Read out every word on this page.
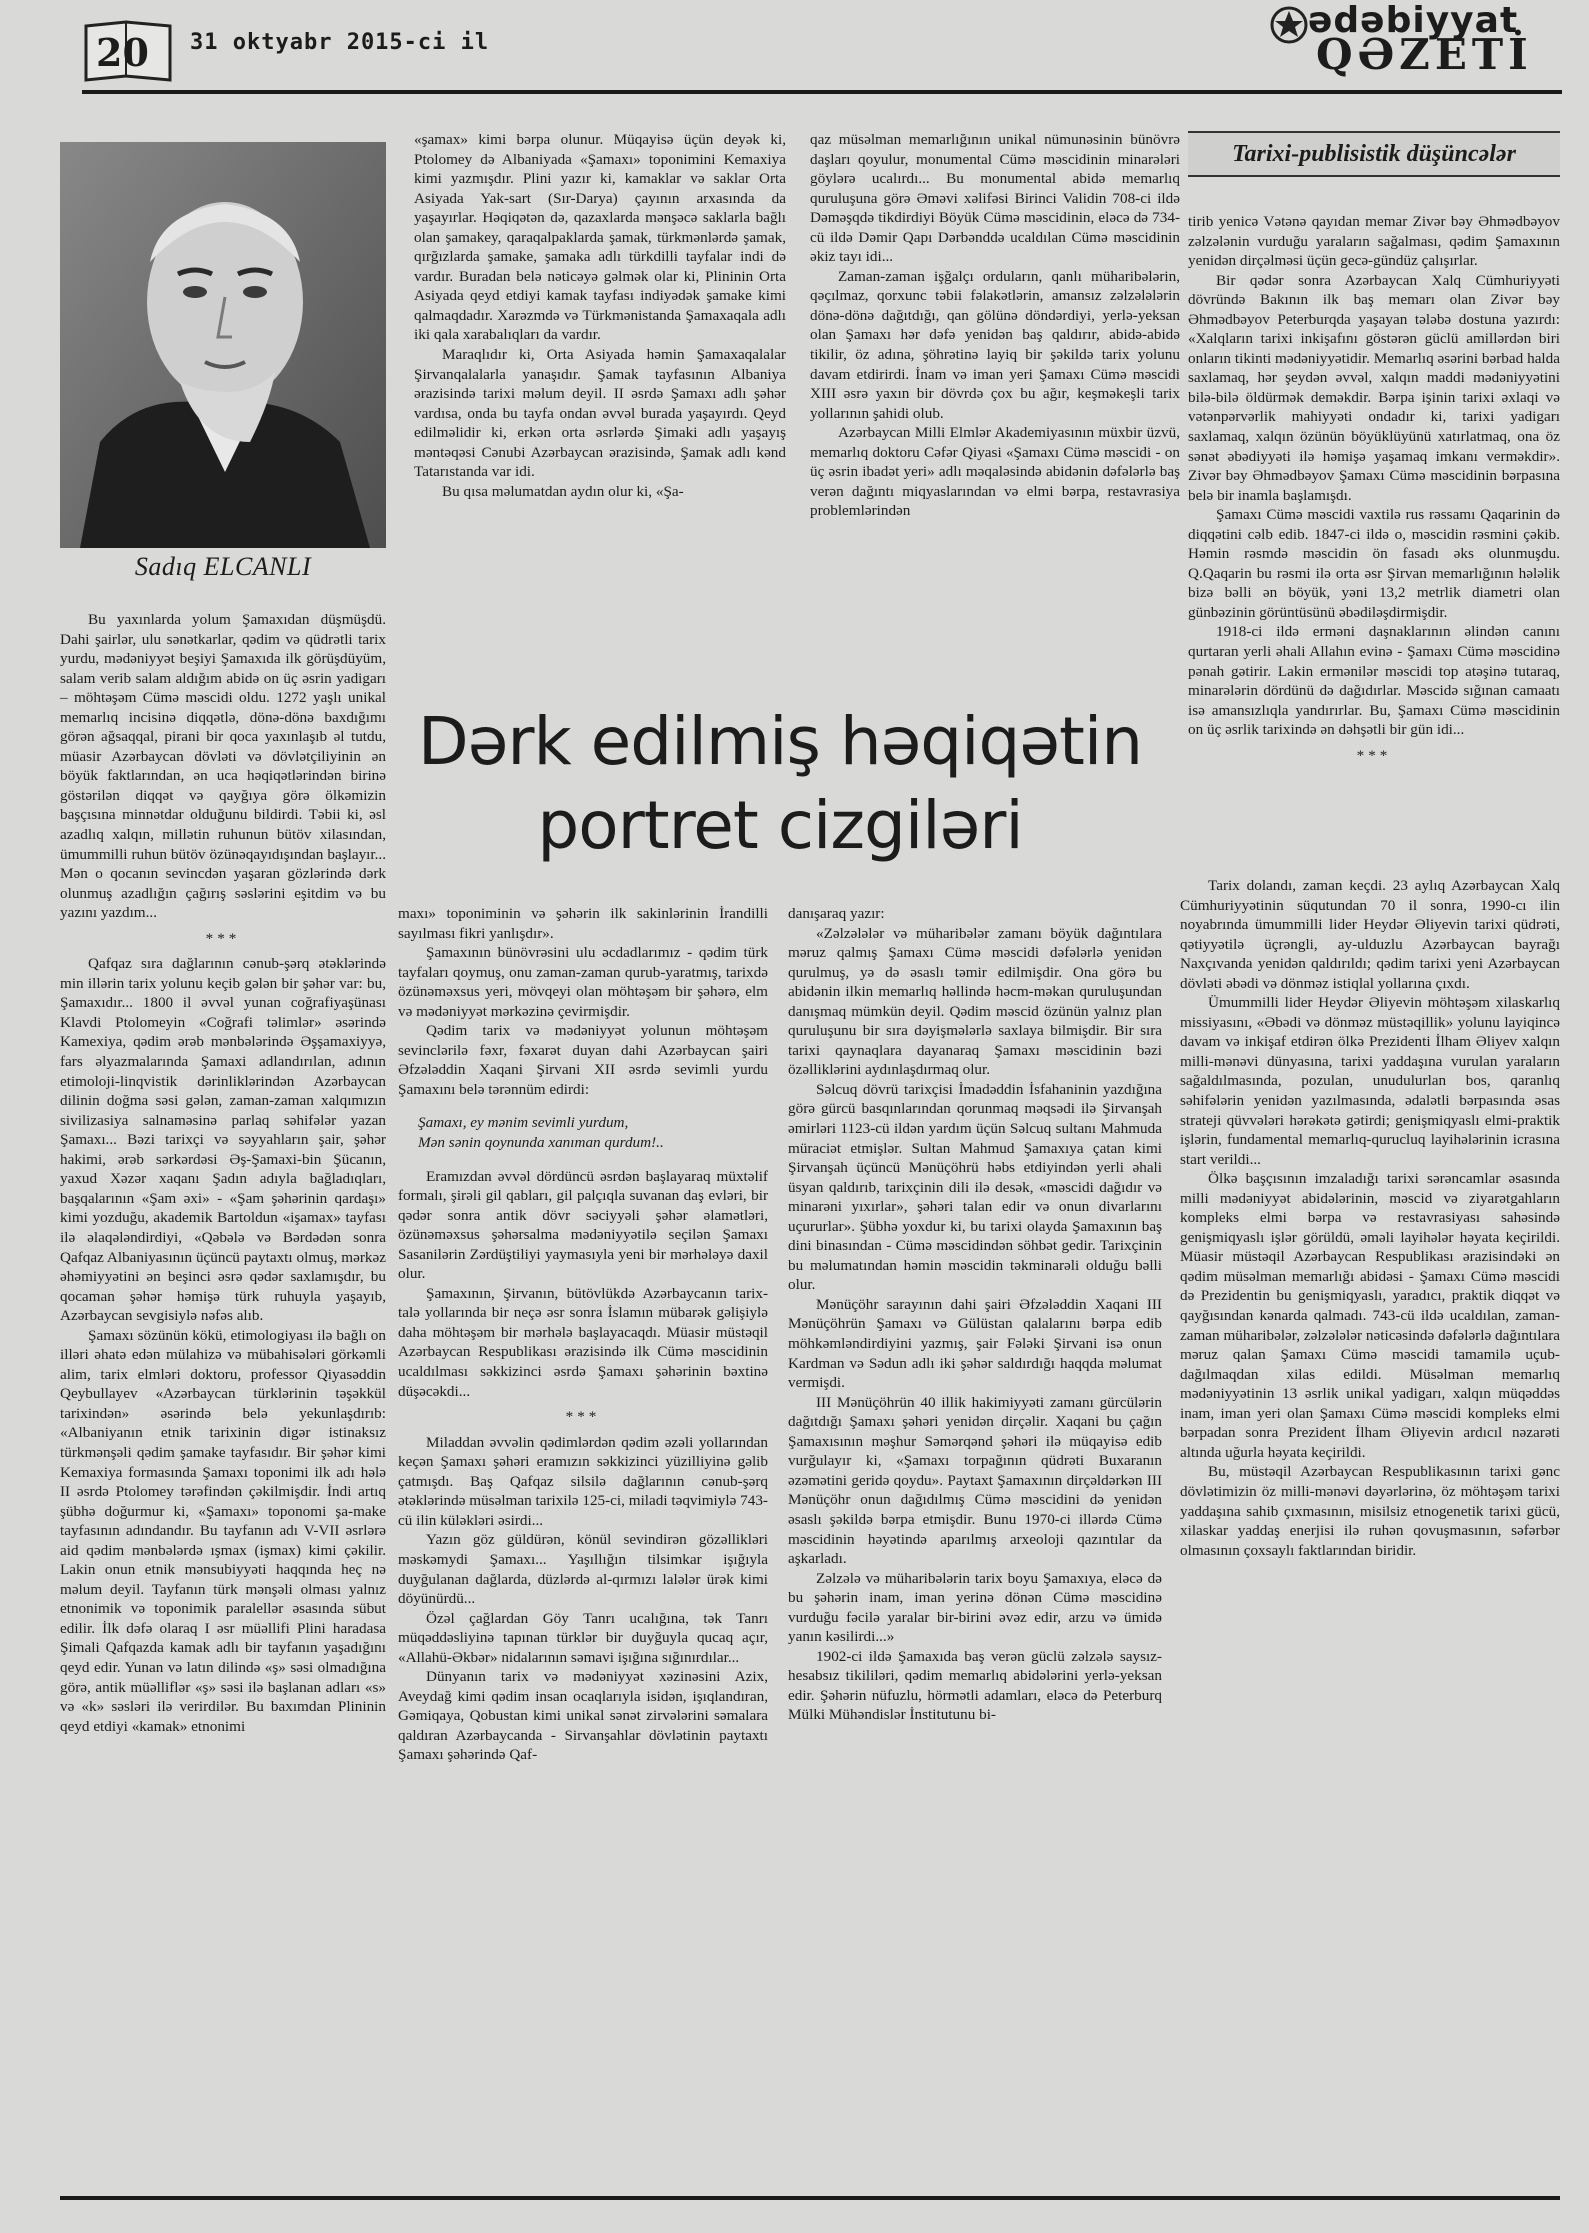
20 31 oktyabr 2015-ci il
ədəbiyyat
QƏZETİ
Tarixi-publisistik düşüncələr
Sadıq ELCANLI

Bu yaxınlarda yolum Şamaxıdan düşmüşdü. Dahi şairlər, ulu sənətkarlar, qədim və qüdrətli tarix yurdu, mədəniyyət beşiyi Şamaxıda ilk görüşdüyüm, salam verib salam aldığım abidə on üç əsrin yadigarı – möhtəşəm Cümə məscidi oldu. 1272 yaşlı unikal memarlıq incisinə diqqətlə, dönə-dönə baxdığımı görən ağsaqqal, pirani bir qoca yaxınlaşıb əl tutdu, müasir Azərbaycan dövləti və dövlətçiliyinin ən böyük faktlarından, ən uca həqiqətlərindən birinə göstərilən diqqət və qayğıya görə ölkəmizin başçısına minnətdar olduğunu bildirdi. Təbii ki, əsl azadlıq xalqın, millətin ruhunun bütöv xilasından, ümummilli ruhun bütöv özünəqayıdışından başlayır... Mən o qocanın sevincdən yaşaran gözlərində dərk olunmuş azadlığın çağırış səslərini eşitdim və bu yazını yazdım...

***

Qafqaz sıra dağlarının cənub-şərq ətəklərində min illərin tarix yolunu keçib gələn bir şəhər var: bu, Şamaxıdır... 1800 il əvvəl yunan coğrafiyaşünası Klavdi Ptolomeyin «Coğrafi təlimlər» əsərində Kamexiya, qədim ərəb mənbələrində Əşşamaxiyyə, fars əlyazmalarında Şamaxi adlandırılan, adının etimoloji-linqvistik dərinliklərindən Azərbaycan dilinin doğma səsi gələn, zaman-zaman xalqımızın sivilizasiya salnaməsinə parlaq səhifələr yazan Şamaxı... Bəzi tarixçi və səyyahların şair, şəhər hakimi, ərəb sərkərdəsi Əş-Şamaxi-bin Şücanın, yaxud Xəzər xaqanı Şadın adıyla bağladıqları, başqalarının «Şam əxi» - «Şam şəhərinin qardaşı» kimi yozduğu, akademik Bartoldun «işamax» tayfası ilə əlaqələndirdiyi, «Qəbələ və Bərdədən sonra Qafqaz Albaniyasının üçüncü paytaxtı olmuş, mərkəz əhəmiyyətini ən beşinci əsrə qədər saxlamışdır, bu qocaman şəhər həmişə türk ruhuyla yaşayıb, Azərbaycan sevgisiylə nəfəs alıb.

Şamaxı sözünün kökü, etimologiyası ilə bağlı on illəri əhatə edən mülahizə və mübahisələri görkəmli alim, tarix elmləri doktoru, professor Qiyasəddin Qeybullayev «Azərbaycan türklərinin təşəkkül tarixindən» əsərində belə yekunlaşdırıb: «Albaniyanın etnik tarixinin digər istinaksız türkmənşəli qədim şamake tayfasıdır. Bir şəhər kimi Kemaxiya formasında Şamaxı toponimi ilk adı hələ II əsrdə Ptolomey tərəfindən çəkilmişdir. İndi artıq şübhə doğurmur ki, «Şamaxı» toponomi şa-make tayfasının adındandır. Bu tayfanın adı V-VII əsrlərə aid qədim mənbələrdə ışmax (işmax) kimi çəkilir. Lakin onun etnik mənsubiyyəti haqqında heç nə məlum deyil. Tayfanın türk mənşəli olması yalnız etnonimik və toponimik paralellər əsasında sübut edilir. İlk dəfə olaraq I əsr müəllifi Plini haradasa Şimali Qafqazda kamak adlı bir tayfanın yaşadığını qeyd edir. Yunan və latın dilində «ş» səsi olmadığına görə, antik müəlliflər «ş» səsi ilə başlanan adları «s» və «k» səsləri ilə verirdilər. Bu baxımdan Plininin qeyd etdiyi «kamak» etnonimi

«şamax» kimi bərpa olunur. Müqayisə üçün deyək ki, Ptolomey də Albaniyada «Şamaxı» toponimini Kemaxiya kimi yazmışdır. Plini yazır ki, kamaklar və saklar Orta Asiyada Yak-sart (Sır-Darya) çayının arxasında da yaşayırlar. Həqiqətən də, qazaxlarda mənşəcə saklarla bağlı olan şamakey, qaraqalpaklarda şamak, türkmənlərdə şamak, qırğızlarda şamake, şamaka adlı türkdilli tayfalar indi də vardır. Buradan belə nəticəyə gəlmək olar ki, Plininin Orta Asiyada qeyd etdiyi kamak tayfası indiyədək şamake kimi qalmaqdadır. Xarəzmdə və Türkmənistanda Şamaxaqala adlı iki qala xarabalıqları da vardır.

Maraqlıdır ki, Orta Asiyada həmin Şamaxaqalalar Şirvanqalalarla yanaşıdır. Şamak tayfasının Albaniya ərazisində tarixi məlum deyil. II əsrdə Şamaxı adlı şəhər vardısa, onda bu tayfa ondan əvvəl burada yaşayırdı. Qeyd edilməlidir ki, erkən orta əsrlərdə Şimaki adlı yaşayış məntəqəsi Cənubi Azərbaycan ərazisində, Şamak adlı kənd Tatarıstanda var idi.

Bu qısa məlumatdan aydın olur ki, «Şa-

qaz müsəlman memarlığının unikal nümunəsinin bünövrə daşları qoyulur, monumental Cümə məscidinin minarələri göylərə ucalırdı... Bu monumental abidə memarlıq quruluşuna görə Əməvi xəlifəsi Birinci Validin 708-ci ildə Dəməşqdə tikdirdiyi Böyük Cümə məscidinin, eləcə də 734-cü ildə Dəmir Qapı Dərbənddə ucaldılan Cümə məscidinin əkiz tayı idi...

Zaman-zaman işğalçı orduların, qanlı müharibələrin, qəçılmaz, qorxunc təbii fəlakətlərin, amansız zəlzələlərin dönə-dönə dağıtdığı, qan gölünə döndərdiyi, yerlə-yeksan olan Şamaxı hər dəfə yenidən baş qaldırır, abidə-abidə tikilir, öz adına, şöhrətinə layiq bir şəkildə tarix yolunu davam etdirirdi. İnam və iman yeri Şamaxı Cümə məscidi XIII əsrə yaxın bir dövrdə çox bu ağır, keşməkeşli tarix yollarının şahidi olub.

Azərbaycan Milli Elmlər Akademiyasının müxbir üzvü, memarlıq doktoru Cəfər Qiyasi «Şamaxı Cümə məscidi - on üç əsrin ibadət yeri» adlı məqaləsində abidənin dəfələrlə baş verən dağıntı miqyaslarından və elmi bərpa, restavrasiya problemlərindən

tirib yenicə Vətənə qayıdan memar Zivər bəy Əhmədbəyov zəlzələnin vurduğu yaraların sağalması, qədim Şamaxının yenidən dirçəlməsi üçün gecə-gündüz çalışırlar.

Bir qədər sonra Azərbaycan Xalq Cümhuriyyəti dövründə Bakının ilk baş memarı olan Zivər bəy Əhmədbəyov Peterburqda yaşayan tələbə dostuna yazırdı: «Xalqların tarixi inkişafını göstərən güclü amillərdən biri onların tikinti mədəniyyətidir. Memarlıq əsərini bərbad halda saxlamaq, hər şeydən əvvəl, xalqın maddi mədəniyyətini bilə-bilə öldürmək deməkdir. Bərpa işinin tarixi əxlaqi və vətənpərvərlik mahiyyəti ondadır ki, tarixi yadigarı saxlamaq, xalqın özünün böyüklüyünü xatırlatmaq, ona öz sənət əbədiyyəti ilə həmişə yaşamaq imkanı verməkdir». Zivər bəy Əhmədbəyov Şamaxı Cümə məscidinin bərpasına belə bir inamla başlamışdı.

Şamaxı Cümə məscidi vaxtilə rus rəssamı Qaqarinin də diqqətini cəlb edib. 1847-ci ildə o, məscidin rəsmini çəkib. Həmin rəsmdə məscidin ön fasadı əks olunmuşdu. Q.Qaqarin bu rəsmi ilə orta əsr Şirvan memarlığının hələlik bizə bəlli ən böyük, yəni 13,2 metrlik diametri olan günbəzinin görüntüsünü əbədiləşdirmişdir.

1918-ci ildə erməni daşnaklarının əlindən canını qurtaran yerli əhali Allahın evinə - Şamaxı Cümə məscidinə pənah gətirir. Lakin ermənilər məscidi top atəşinə tutaraq, minarələrin dördünü də dağıdırlar. Məscidə sığınan camaatı isə amansızlıqla yandırırlar. Bu, Şamaxı Cümə məscidinin on üç əsrlik tarixində ən dəhşətli bir gün idi...

***

Dərk edilmiş həqiqətin
portret cizgiləri

maxı» toponiminin və şəhərin ilk sakinlərinin İrandilli sayılması fikri yanlışdır».

Şamaxının bünövrəsini ulu əcdadlarımız - qədim türk tayfaları qoymuş, onu zaman-zaman qurub-yaratmış, tarixdə özünəməxsus yeri, mövqeyi olan möhtəşəm bir şəhərə, elm və mədəniyyət mərkəzinə çevirmişdir.

Qədim tarix və mədəniyyət yolunun möhtəşəm sevinclərilə fəxr, fəxarət duyan dahi Azərbaycan şairi Əfzələddin Xaqani Şirvani XII əsrdə sevimli yurdu Şamaxını belə tərənnüm edirdi:

Şamaxı, ey mənim sevimli yurdum,
Mən sənin qoynunda xanıman qurdum!..

Eramızdan əvvəl dördüncü əsrdən başlayaraq müxtəlif formalı, şirəli gil qabları, gil palçıqla suvanan daş evləri, bir qədər sonra antik dövr səciyyəli şəhər əlamətləri, özünəməxsus şəhərsalma mədəniyyətilə seçilən Şamaxı Sasanilərin Zərdüştiliyi yaymasıyla yeni bir mərhələyə daxil olur.

Şamaxının, Şirvanın, bütövlükdə Azərbaycanın tarix-talə yollarında bir neçə əsr sonra İslamın mübarək gəlişiylə daha möhtəşəm bir mərhələ başlayacaqdı. Müasir müstəqil Azərbaycan Respublikası ərazisində ilk Cümə məscidinin ucaldılması səkkizinci əsrdə Şamaxı şəhərinin bəxtinə düşəcəkdi...

***

Miladdan əvvəlin qədimlərdən qədim əzəli yollarından keçən Şamaxı şəhəri eramızın səkkizinci yüzilliyinə gəlib çatmışdı. Baş Qafqaz silsilə dağlarının cənub-şərq ətəklərində müsəlman tarixilə 125-ci, miladi təqvimiylə 743-cü ilin küləkləri əsirdi...

Yazın göz güldürən, könül sevindirən gözəllikləri məskəmydi Şamaxı... Yaşıllığın tilsimkar işığıyla duyğulanan dağlarda, düzlərdə al-qırmızı lalələr ürək kimi döyünürdü...

Özəl çağlardan Göy Tanrı ucalığına, tək Tanrı müqəddəsliyinə tapınan türklər bir duyğuyla qucaq açır, «Allahü-Əkbər» nidalarının səmavi işığına sığınırdılar...

Dünyanın tarix və mədəniyyət xəzinəsini Azix, Aveydağ kimi qədim insan ocaqlarıyla isidən, işıqlandıran, Gəmiqaya, Qobustan kimi unikal sənət zirvələrini səmalara qaldıran Azərbaycanda - Sirvanşahlar dövlətinin paytaxtı Şamaxı şəhərində Qaf-

danışaraq yazır:

«Zəlzələlər və müharibələr zamanı böyük dağıntılara məruz qalmış Şamaxı Cümə məscidi dəfələrlə yenidən qurulmuş, yə də əsaslı təmir edilmişdir. Ona görə bu abidənin ilkin memarlıq həllində həcm-məkan quruluşundan danışmaq mümkün deyil. Qədim məscid özünün yalnız plan quruluşunu bir sıra dəyişmələrlə saxlaya bilmişdir. Bir sıra tarixi qaynaqlara dayanaraq Şamaxı məscidinin bəzi özəlliklərini aydınlaşdırmaq olur.

Səlcuq dövrü tarixçisi İmadəddin İsfahaninin yazdığına görə gürcü basqınlarından qorunmaq məqsədi ilə Şirvanşah əmirləri 1123-cü ildən yardım üçün Səlcuq sultanı Mahmuda müraciət etmişlər. Sultan Mahmud Şamaxıya çatan kimi Şirvanşah üçüncü Mənüçöhrü həbs etdiyindən yerli əhali üsyan qaldırıb, tarixçinin dili ilə desək, «məscidi dağıdır və minarəni yıxırlar», şəhəri talan edir və onun divarlarını uçururlar». Şübhə yoxdur ki, bu tarixi olayda Şamaxının baş dini binasından - Cümə məscidindən söhbət gedir. Tarixçinin bu məlumatından həmin məscidin təkminarəli olduğu bəlli olur.

Mənüçöhr sarayının dahi şairi Əfzələddin Xaqani III Mənüçöhrün Şamaxı və Gülüstan qalalarını bərpa edib möhkəmləndirdiyini yazmış, şair Fələki Şirvani isə onun Kardman və Sədun adlı iki şəhər saldırdığı haqqda məlumat vermişdi.

III Mənüçöhrün 40 illik hakimiyyəti zamanı gürcülərin dağıtdığı Şamaxı şəhəri yenidən dirçəlir. Xaqani bu çağın Şamaxısının məşhur Səmərqənd şəhəri ilə müqayisə edib vurğulayır ki, «Şamaxı torpağının qüdrəti Buxaranın əzəmətini geridə qoydu». Paytaxt Şamaxının dirçəldərkən III Mənüçöhr onun dağıdılmış Cümə məscidini də yenidən əsaslı şəkildə bərpa etmişdir. Bunu 1970-ci illərdə Cümə məscidinin həyətində aparılmış arxeoloji qazıntılar da aşkarladı.

Zəlzələ və müharibələrin tarix boyu Şamaxıya, eləcə də bu şəhərin inam, iman yerinə dönən Cümə məscidinə vurduğu fəcilə yaralar bir-birini əvəz edir, arzu və ümidə yanın kəsilirdi...»

1902-ci ildə Şamaxıda baş verən güclü zəlzələ saysız-hesabsız tikililəri, qədim memarlıq abidələrini yerlə-yeksan edir. Şəhərin nüfuzlu, hörmətli adamları, eləcə də Peterburq Mülki Mühəndislər İnstitutunu bi-

Tarix dolandı, zaman keçdi. 23 aylıq Azərbaycan Xalq Cümhuriyyətinin süqutundan 70 il sonra, 1990-cı ilin noyabrında ümummilli lider Heydər Əliyevin tarixi qüdrəti, qətiyyətilə üçrəngli, ay-ulduzlu Azərbaycan bayrağı Naxçıvanda yenidən qaldırıldı; qədim tarixi yeni Azərbaycan dövləti əbədi və dönməz istiqlal yollarına çıxdı.

Ümummilli lider Heydər Əliyevin möhtəşəm xilaskarlıq missiyasını, «Əbədi və dönməz müstəqillik» yolunu layiqincə davam və inkişaf etdirən ölkə Prezidenti İlham Əliyev xalqın milli-mənəvi dünyasına, tarixi yaddaşına vurulan yaraların sağaldılmasında, pozulan, unudulurlan bos, qaranlıq səhifələrin yenidən yazılmasında, ədalətli bərpasında əsas strateji qüvvələri hərəkətə gətirdi; genişmiqyaslı elmi-praktik işlərin, fundamental memarlıq-qurucluq layihələrinin icrasına start verildi...

Ölkə başçısının imzaladığı tarixi sərəncamlar əsasında milli mədəniyyət abidələrinin, məscid və ziyarətgahların kompleks elmi bərpa və restavrasiyası sahəsində genişmiqyaslı işlər görüldü, əməli layihələr həyata keçirildi. Müasir müstəqil Azərbaycan Respublikası ərazisindəki ən qədim müsəlman memarlığı abidəsi - Şamaxı Cümə məscidi də Prezidentin bu genişmiqyaslı, yaradıcı, praktik diqqət və qayğısından kənarda qalmadı. 743-cü ildə ucaldılan, zaman-zaman müharibələr, zəlzələlər nəticəsində dəfələrlə dağıntılara məruz qalan Şamaxı Cümə məscidi tamamilə uçub-dağılmaqdan xilas edildi. Müsəlman memarlıq mədəniyyətinin 13 əsrlik unikal yadigarı, xalqın müqəddəs inam, iman yeri olan Şamaxı Cümə məscidi kompleks elmi bərpadan sonra Prezident İlham Əliyevin ardıcıl nəzarəti altında uğurla həyata keçirildi.

Bu, müstəqil Azərbaycan Respublikasının tarixi gənc dövlətimizin öz milli-mənəvi dəyərlərinə, öz möhtəşəm tarixi yaddaşına sahib çıxmasının, misilsiz etnogenetik tarixi gücü, xilaskar yaddaş enerjisi ilə ruhən qovuşmasının, səfərbər olmasının çoxsaylı faktlarından biridir.
